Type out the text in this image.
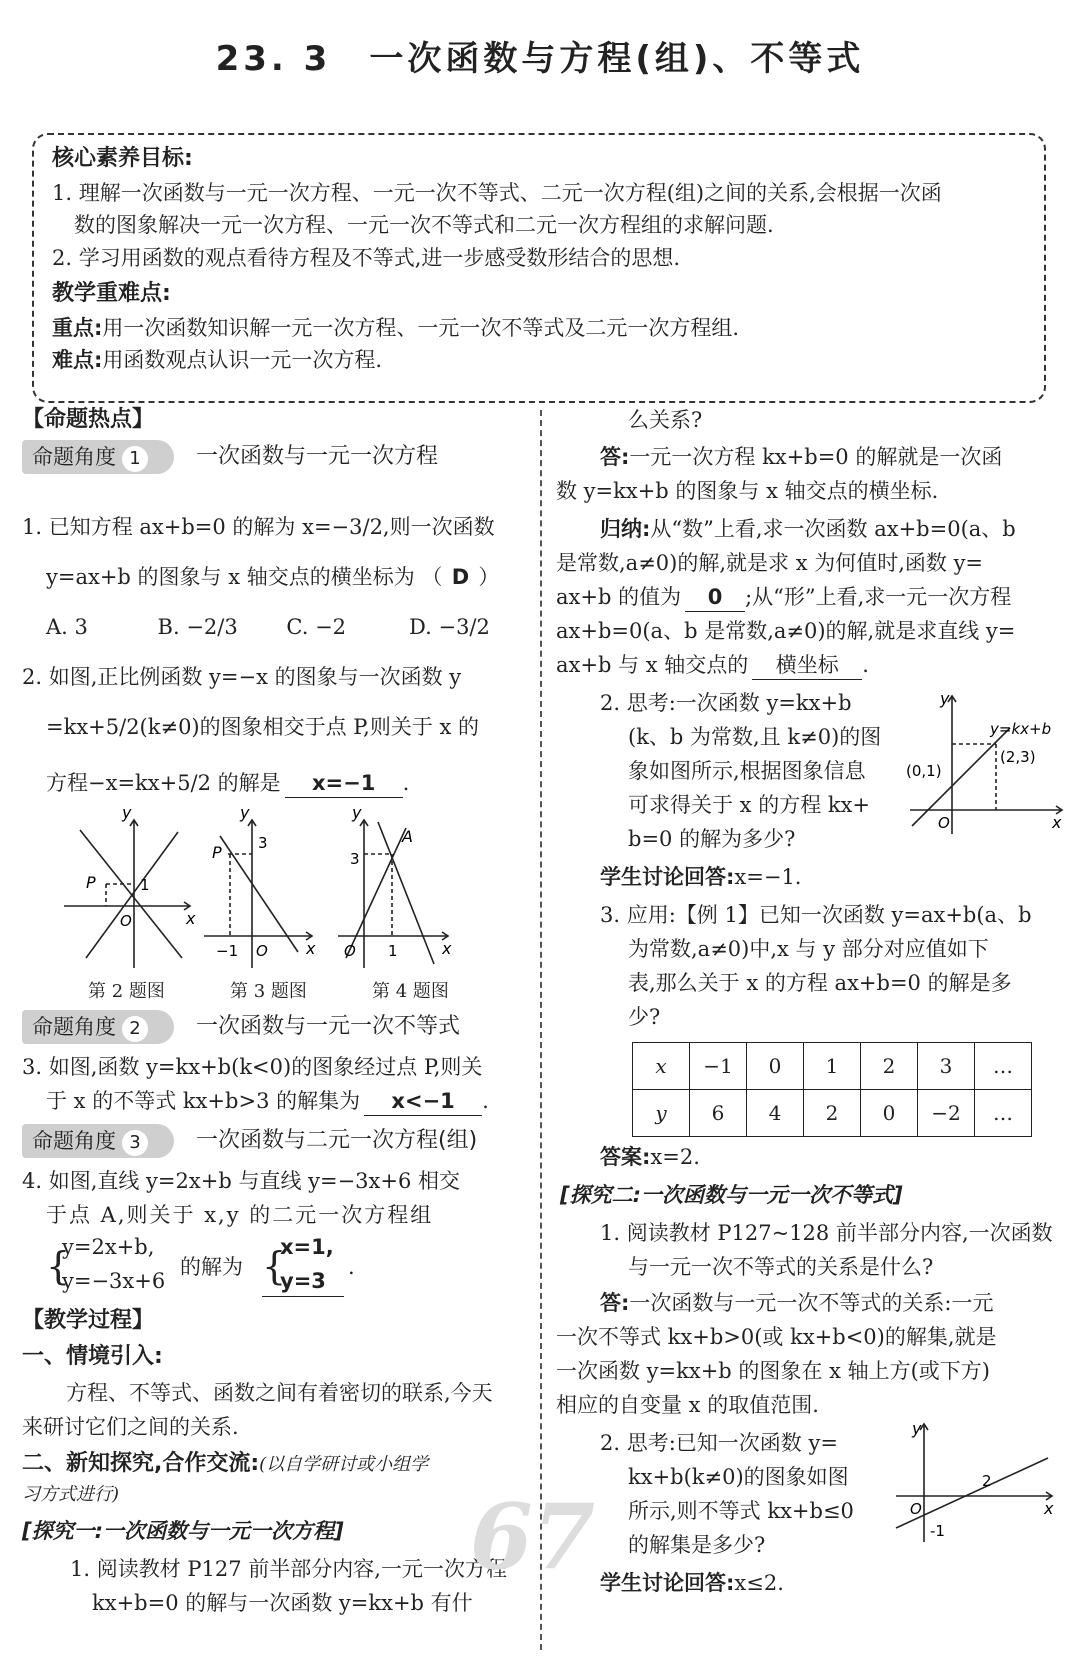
23. 3　一次函数与方程(组)、不等式
核心素养目标:
1. 理解一次函数与一元一次方程、一元一次不等式、二元一次方程(组)之间的关系,会根据一次函
数的图象解决一元一次方程、一元一次不等式和二元一次方程组的求解问题.
2. 学习用函数的观点看待方程及不等式,进一步感受数形结合的思想.
教学重难点:
重点:用一次函数知识解一元一次方程、一元一次不等式及二元一次方程组.
难点:用函数观点认识一元一次方程.
【命题热点】
命题角度 1	一次函数与一元一次方程
1. 已知方程 ax+b=0 的解为 x=−3/2,则一次函数
y=ax+b 的图象与 x 轴交点的横坐标为 （ D ）
A. 3　　　 B. −2/3　　 C. −2　　　D. −3/2
2. 如图,正比例函数 y=−x 的图象与一次函数 y
=kx+5/2(k≠0)的图象相交于点 P,则关于 x 的
方程−x=kx+5/2 的解是 x=−1 .
y
x
P	1
O
y
x
P 3
−1 O
y
x
A
3
O 1
第 2 题图	第 3 题图	第 4 题图
命题角度 2	一次函数与一元一次不等式
3. 如图,函数 y=kx+b(k<0)的图象经过点 P,则关
于 x 的不等式 kx+b>3 的解集为 x<−1 .
命题角度 3	一次函数与二元一次方程(组)
4. 如图,直线 y=2x+b 与直线 y=−3x+6 相交
于点 A,则关于 x,y 的二元一次方程组
{
y=2x+b,
y=−3x+6
的解为 {
x=1,
y=3
.
【教学过程】
一、情境引入:
方程、不等式、函数之间有着密切的联系,今天
来研讨它们之间的关系.
二、新知探究,合作交流:(以自学研讨或小组学
习方式进行)
[探究一:一次函数与一元一次方程]
1. 阅读教材 P127 前半部分内容,一元一次方程
kx+b=0 的解与一次函数 y=kx+b 有什
67
么关系?
答:一元一次方程 kx+b=0 的解就是一次函
数 y=kx+b 的图象与 x 轴交点的横坐标.
归纳:从“数”上看,求一次函数 ax+b=0(a、b
是常数,a≠0)的解,就是求 x 为何值时,函数 y=
ax+b 的值为 0 ;从“形”上看,求一元一次方程
ax+b=0(a、b 是常数,a≠0)的解,就是求直线 y=
ax+b 与 x 轴交点的 横坐标 .
2. 思考:一次函数 y=kx+b
(k、b 为常数,且 k≠0)的图
象如图所示,根据图象信息
可求得关于 x 的方程 kx+
b=0 的解为多少?
y
x
O
y=kx+b
(2,3)
(0,1)
学生讨论回答:x=−1.
3. 应用:【例 1】已知一次函数 y=ax+b(a、b
为常数,a≠0)中,x 与 y 部分对应值如下
表,那么关于 x 的方程 ax+b=0 的解是多
少?
x	−1	0	1	2	3	…
y	6	4	2	0	−2	…
答案:x=2.
[探究二:一次函数与一元一次不等式]
1. 阅读教材 P127~128 前半部分内容,一次函数
与一元一次不等式的关系是什么?
答:一次函数与一元一次不等式的关系:一元
一次不等式 kx+b>0(或 kx+b<0)的解集,就是
一次函数 y=kx+b 的图象在 x 轴上方(或下方)
相应的自变量 x 的取值范围.
2. 思考:已知一次函数 y=
kx+b(k≠0)的图象如图
所示,则不等式 kx+b≤0
的解集是多少?
y
x
O
2
-1
学生讨论回答:x≤2.
